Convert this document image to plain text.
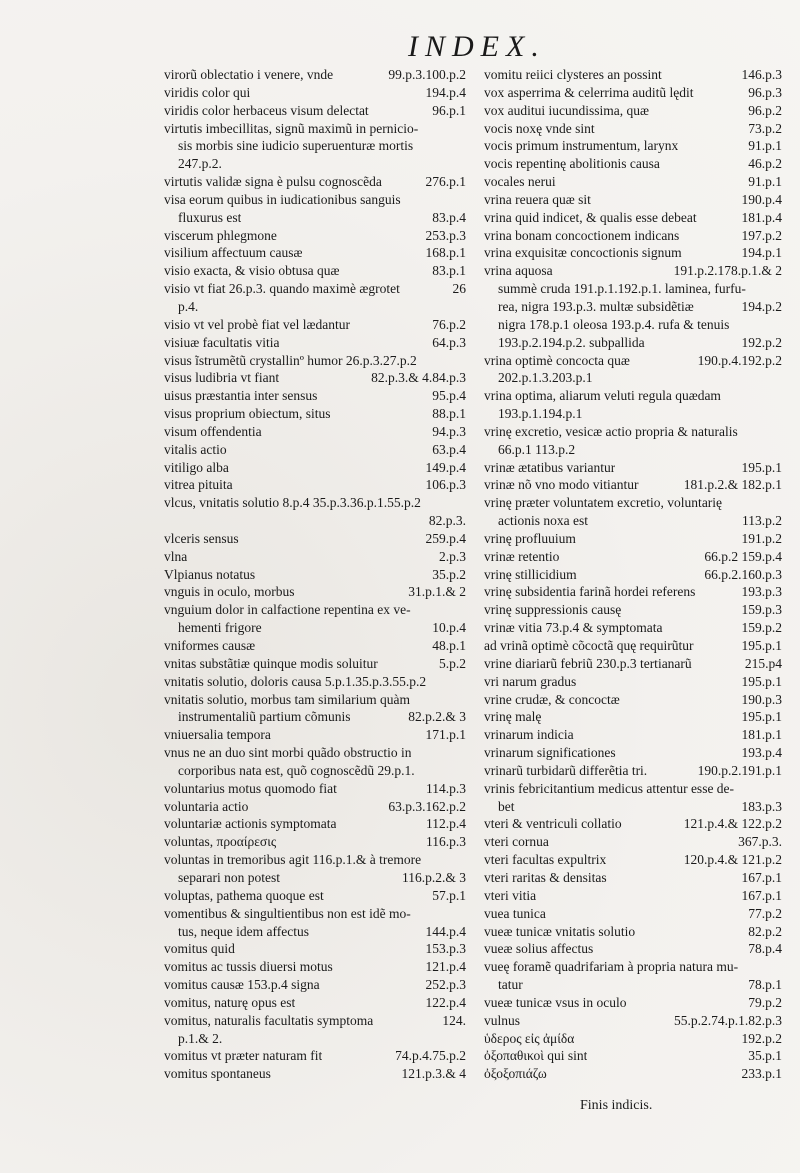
INDEX.
virorũ oblectatio i venere, vnde	99.p.3.100.p.2
viridis color qui	194.p.4
viridis color herbaceus visum delectat	96.p.1
virtutis imbecillitas, signũ maximũ in pernicio-
sis morbis sine iudicio superuenturæ mortis
247.p.2.
virtutis validæ signa è pulsu cognoscẽda	276.p.1
visa eorum quibus in iudicationibus sanguis
fluxurus est	83.p.4
viscerum phlegmone	253.p.3
visilium affectuum causæ	168.p.1
visio exacta, & visio obtusa quæ	83.p.1
visio vt fiat 26.p.3. quando maximè ægrotet	26
p.4.
visio vt vel probè fiat vel lædantur	76.p.2
visiuæ facultatis vitia	64.p.3
visus ĩstrumẽtũ crystallinº humor 26.p.3.27.p.2
visus ludibria vt fiant	82.p.3.& 4.84.p.3
uisus præstantia inter sensus	95.p.4
visus proprium obiectum, situs	88.p.1
visum offendentia	94.p.3
vitalis actio	63.p.4
vitiligo alba	149.p.4
vitrea pituita	106.p.3
vlcus, vnitatis solutio 8.p.4 35.p.3.36.p.1.55.p.2
82.p.3.
vlceris sensus	259.p.4
vlna	2.p.3
Vlpianus notatus	35.p.2
vnguis in oculo, morbus	31.p.1.& 2
vnguium dolor in calfactione repentina ex ve-
hementi frigore	10.p.4
vniformes causæ	48.p.1
vnitas substãtiæ quinque modis soluitur	5.p.2
vnitatis solutio, doloris causa 5.p.1.35.p.3.55.p.2
vnitatis solutio, morbus tam similarium quàm
instrumentaliũ partium cõmunis	82.p.2.& 3
vniuersalia tempora	171.p.1
vnus ne an duo sint morbi quãdo obstructio in
corporibus nata est, quõ cognoscẽdũ 29.p.1.
voluntarius motus quomodo fiat	114.p.3
voluntaria actio	63.p.3.162.p.2
voluntariæ actionis symptomata	112.p.4
voluntas, προαίρεσις	116.p.3
voluntas in tremoribus agit 116.p.1.& à tremore
separari non potest	116.p.2.& 3
voluptas, pathema quoque est	57.p.1
vomentibus & singultientibus non est idẽ mo-
tus, neque idem affectus	144.p.4
vomitus quid	153.p.3
vomitus ac tussis diuersi motus	121.p.4
vomitus causæ 153.p.4 signa	252.p.3
vomitus, naturę opus est	122.p.4
vomitus, naturalis facultatis symptoma	124.
p.1.& 2.
vomitus vt præter naturam fit	74.p.4.75.p.2
vomitus spontaneus	121.p.3.& 4
vomitu reiici clysteres an possint	146.p.3
vox asperrima & celerrima auditũ lędit	96.p.3
vox auditui iucundissima, quæ	96.p.2
vocis noxę vnde sint	73.p.2
vocis primum instrumentum, larynx	91.p.1
vocis repentinę abolitionis causa	46.p.2
vocales nerui	91.p.1
vrina reuera quæ sit	190.p.4
vrina quid indicet, & qualis esse debeat	181.p.4
vrina bonam concoctionem indicans	197.p.2
vrina exquisitæ concoctionis signum	194.p.1
vrina aquosa	191.p.2.178.p.1.& 2
summè cruda 191.p.1.192.p.1. laminea, furfu-
rea, nigra 193.p.3. multæ subsidẽtiæ	194.p.2
nigra 178.p.1 oleosa 193.p.4. rufa & tenuis
193.p.2.194.p.2. subpallida	192.p.2
vrina optimè concocta quæ	190.p.4.192.p.2
202.p.1.3.203.p.1
vrina optima, aliarum veluti regula quædam
193.p.1.194.p.1
vrinę excretio, vesicæ actio propria & naturalis
66.p.1 113.p.2
vrinæ ætatibus variantur	195.p.1
vrinæ nõ vno modo vitiantur	181.p.2.& 182.p.1
vrinę præter voluntatem excretio, voluntarię
actionis noxa est	113.p.2
vrinę profluuium	191.p.2
vrinæ retentio	66.p.2 159.p.4
vrinę stillicidium	66.p.2.160.p.3
vrinę subsidentia farinã hordei referens	193.p.3
vrinę suppressionis causę	159.p.3
vrinæ vitia 73.p.4 & symptomata	159.p.2
ad vrinã optimè cõcoctã quę requirũtur	195.p.1
vrine diariarũ febriũ 230.p.3 tertianarũ	215.p4
vri narum gradus	195.p.1
vrine crudæ, & concoctæ	190.p.3
vrinę malę	195.p.1
vrinarum indicia	181.p.1
vrinarum significationes	193.p.4
vrinarũ turbidarũ differẽtia tri.	190.p.2.191.p.1
vrinis febricitantium medicus attentur esse de-
bet	183.p.3
vteri & ventriculi collatio	121.p.4.& 122.p.2
vteri cornua	367.p.3.
vteri facultas expultrix	120.p.4.& 121.p.2
vteri raritas & densitas	167.p.1
vteri vitia	167.p.1
vuea tunica	77.p.2
vueæ tunicæ vnitatis solutio	82.p.2
vueæ solius affectus	78.p.4
vueę foramẽ quadrifariam à propria natura mu-
tatur	78.p.1
vueæ tunicæ vsus in oculo	79.p.2
vulnus	55.p.2.74.p.1.82.p.3
ὑδερος εἰς ἀμίδα	192.p.2
ὀξοπαθικοὶ qui sint	35.p.1
ὀξοξοπιάζω	233.p.1
Finis indicis.
